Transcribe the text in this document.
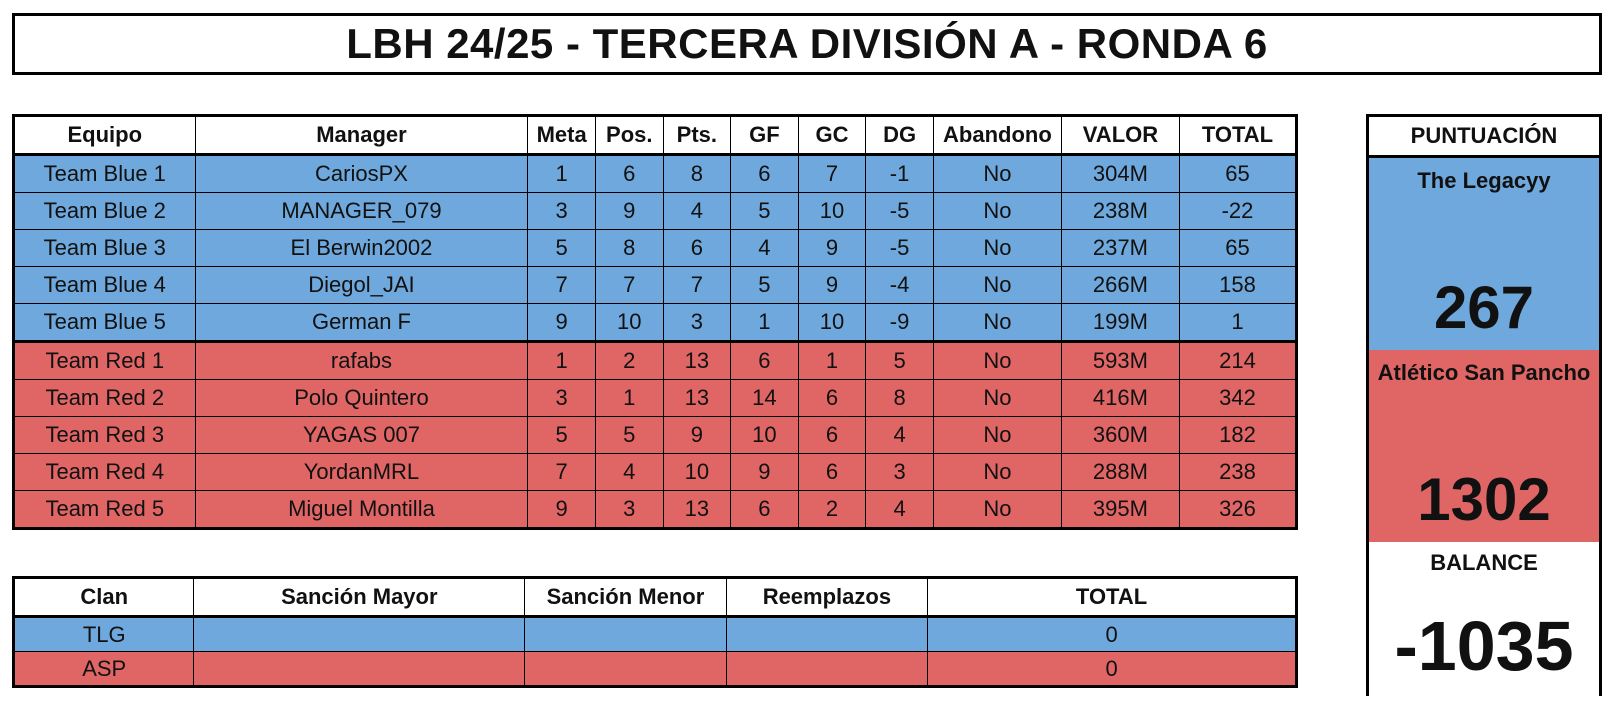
LBH 24/25 - TERCERA DIVISIÓN A - RONDA 6
Equipo	Manager	Meta	Pos.	Pts.	GF	GC	DG	Abandono	VALOR	TOTAL
Team Blue 1	CariosPX	1	6	8	6	7	-1	No	304M	65
Team Blue 2	MANAGER_079	3	9	4	5	10	-5	No	238M	-22
Team Blue 3	El Berwin2002	5	8	6	4	9	-5	No	237M	65
Team Blue 4	Diegol_JAI	7	7	7	5	9	-4	No	266M	158
Team Blue 5	German F	9	10	3	1	10	-9	No	199M	1
Team Red 1	rafabs	1	2	13	6	1	5	No	593M	214
Team Red 2	Polo Quintero	3	1	13	14	6	8	No	416M	342
Team Red 3	YAGAS 007	5	5	9	10	6	4	No	360M	182
Team Red 4	YordanMRL	7	4	10	9	6	3	No	288M	238
Team Red 5	Miguel Montilla	9	3	13	6	2	4	No	395M	326
Clan	Sanción Mayor	Sanción Menor	Reemplazos	TOTAL
TLG				0
ASP				0
PUNTUACIÓN
The Legacyy
267
Atlético San Pancho
1302
BALANCE
-1035
